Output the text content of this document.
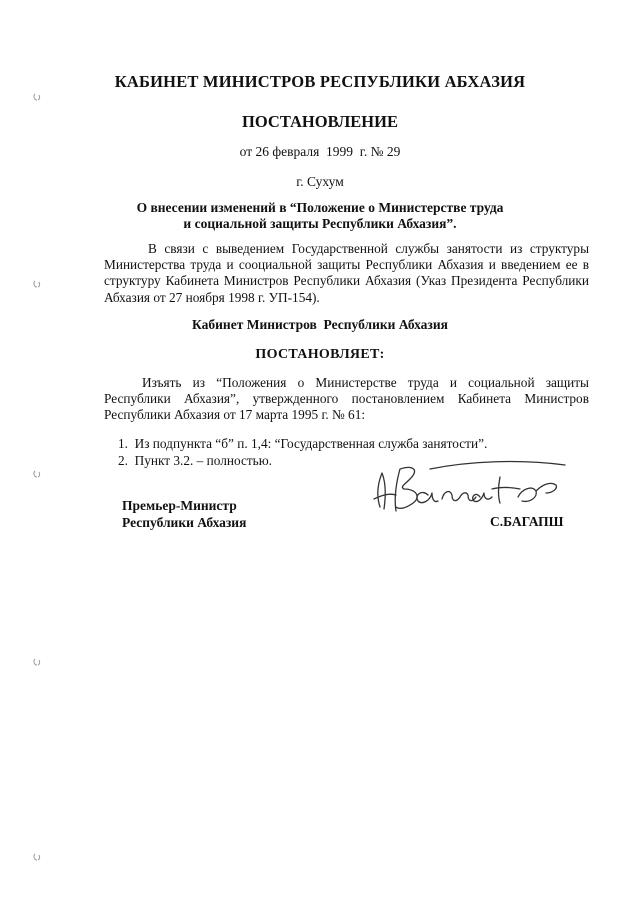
КАБИНЕТ МИНИСТРОВ РЕСПУБЛИКИ АБХАЗИЯ
ПОСТАНОВЛЕНИЕ
от 26 февраля  1999  г. № 29
г. Сухум
О внесении изменений в “Положение о Министерстве труда
и социальной защиты Республики Абхазия”.
В связи с выведением Государственной службы занятости из структуры Министерства труда и сооциальной защиты Республики Абхазия и введением ее в структуру Кабинета Министров Республики Абхазия (Указ Президента Республики Абхазия от 27 ноября 1998 г. УП-154).
Кабинет Министров  Республики Абхазия
ПОСТАНОВЛЯЕТ:
Изъять из “Положения о Министерстве труда и социальной защиты Республики Абхазия”, утвержденного постановлением Кабинета Министров Республики Абхазия от 17 марта 1995 г. № 61:
1.  Из подпункта “б” п. 1,4: “Государственная служба занятости”.
2.  Пункт 3.2. – полностью.
Премьер-Министр
Республики Абхазия	С.БАГАПШ
